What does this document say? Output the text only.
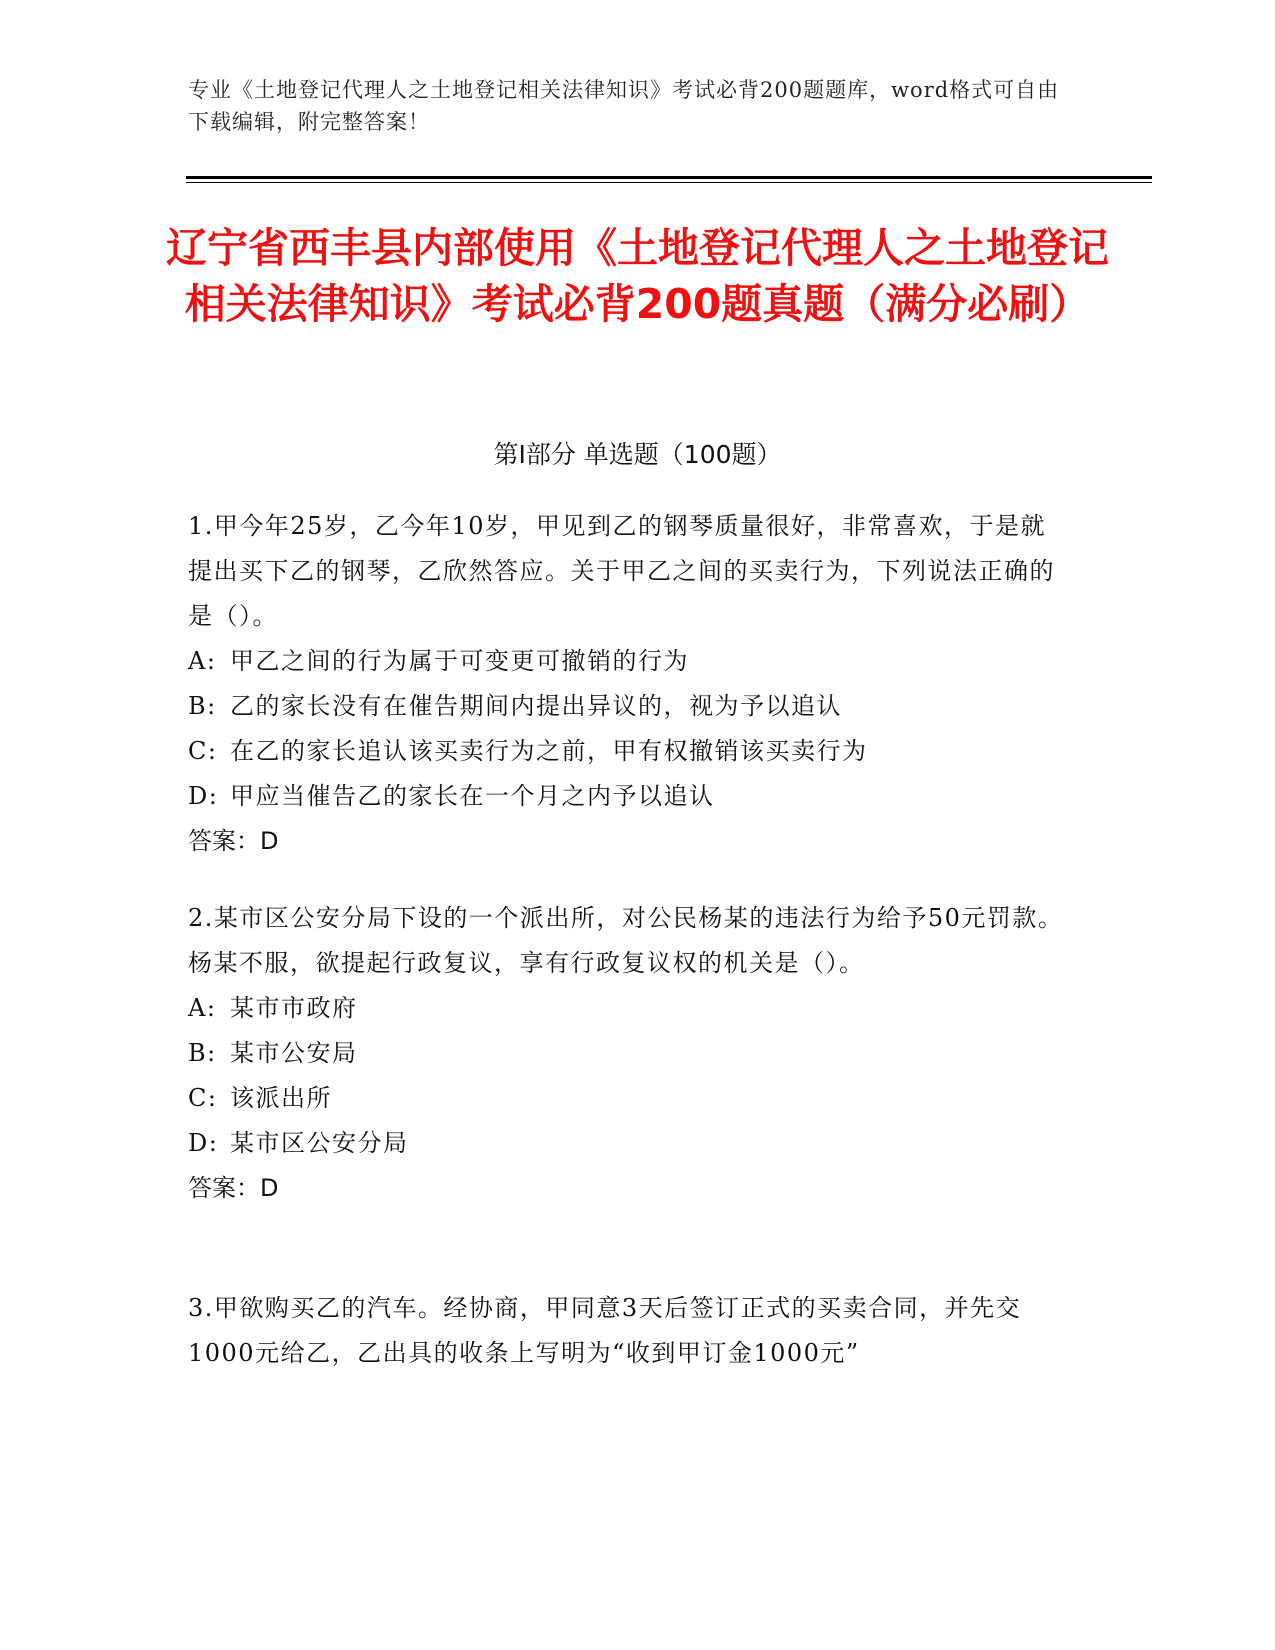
专业《土地登记代理人之土地登记相关法律知识》考试必背200题题库，word格式可自由下载编辑，附完整答案！
辽宁省西丰县内部使用《土地登记代理人之土地登记相关法律知识》考试必背200题真题（满分必刷）
第Ⅰ部分 单选题（100题）

1.甲今年25岁，乙今年10岁，甲见到乙的钢琴质量很好，非常喜欢，于是就提出买下乙的钢琴，乙欣然答应。关于甲乙之间的买卖行为，下列说法正确的是（）。

A: 甲乙之间的行为属于可变更可撤销的行为

B: 乙的家长没有在催告期间内提出异议的，视为予以追认

C: 在乙的家长追认该买卖行为之前，甲有权撤销该买卖行为

D: 甲应当催告乙的家长在一个月之内予以追认

答案：D

2.某市区公安分局下设的一个派出所，对公民杨某的违法行为给予50元罚款。杨某不服，欲提起行政复议，享有行政复议权的机关是（）。

A: 某市市政府

B: 某市公安局

C: 该派出所

D: 某市区公安分局

答案：D

3.甲欲购买乙的汽车。经协商，甲同意3天后签订正式的买卖合同，并先交1000元给乙，乙出具的收条上写明为“收到甲订金1000元”
